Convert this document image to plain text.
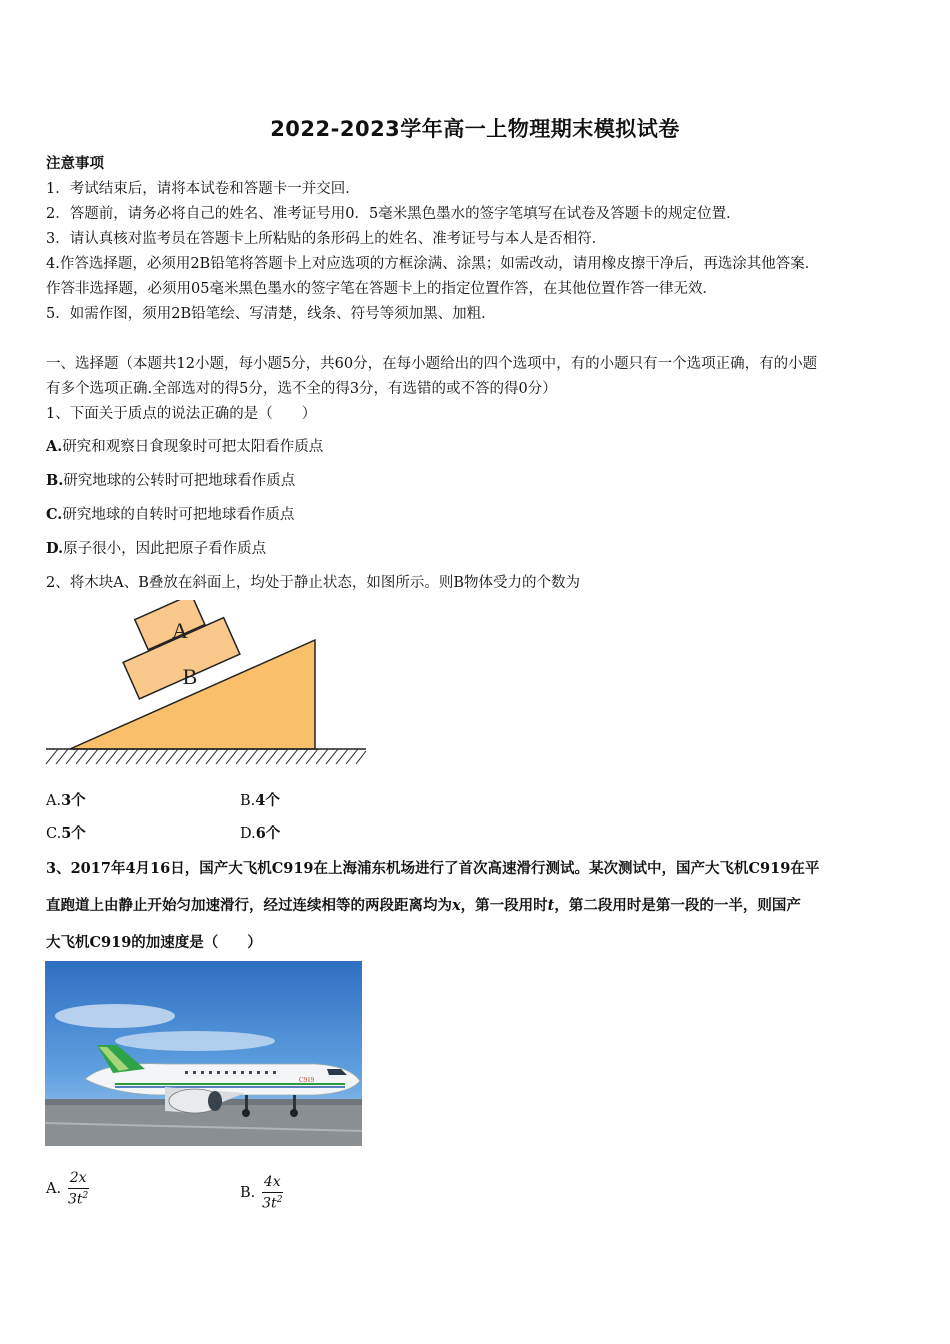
2022-2023学年高一上物理期末模拟试卷
注意事项
1．考试结束后，请将本试卷和答题卡一并交回．
2．答题前，请务必将自己的姓名、准考证号用0．5毫米黑色墨水的签字笔填写在试卷及答题卡的规定位置．
3．请认真核对监考员在答题卡上所粘贴的条形码上的姓名、准考证号与本人是否相符．
4.作答选择题，必须用2B铅笔将答题卡上对应选项的方框涂满、涂黑；如需改动，请用橡皮擦干净后，再选涂其他答案．
作答非选择题，必须用05毫米黑色墨水的签字笔在答题卡上的指定位置作答，在其他位置作答一律无效．
5．如需作图，须用2B铅笔绘、写清楚，线条、符号等须加黑、加粗．
一、选择题（本题共12小题，每小题5分，共60分，在每小题给出的四个选项中，有的小题只有一个选项正确，有的小题
有多个选项正确.全部选对的得5分，选不全的得3分，有选错的或不答的得0分）
1、下面关于质点的说法正确的是（　　）
A.研究和观察日食现象时可把太阳看作质点
B.研究地球的公转时可把地球看作质点
C.研究地球的自转时可把地球看作质点
D.原子很小，因此把原子看作质点
2、将木块A、B叠放在斜面上，均处于静止状态，如图所示。则B物体受力的个数为
B
A
A.3个	B.4个
C.5个	D.6个
3、2017年4月16日，国产大飞机C919在上海浦东机场进行了首次高速滑行测试。某次测试中，国产大飞机C919在平
直跑道上由静止开始匀加速滑行，经过连续相等的两段距离均为x，第一段用时t，第二段用时是第一段的一半，则国产
大飞机C919的加速度是（　　）
C919
A. $\frac{2x}{3t^2}$	B. $\frac{4x}{3t^2}$
